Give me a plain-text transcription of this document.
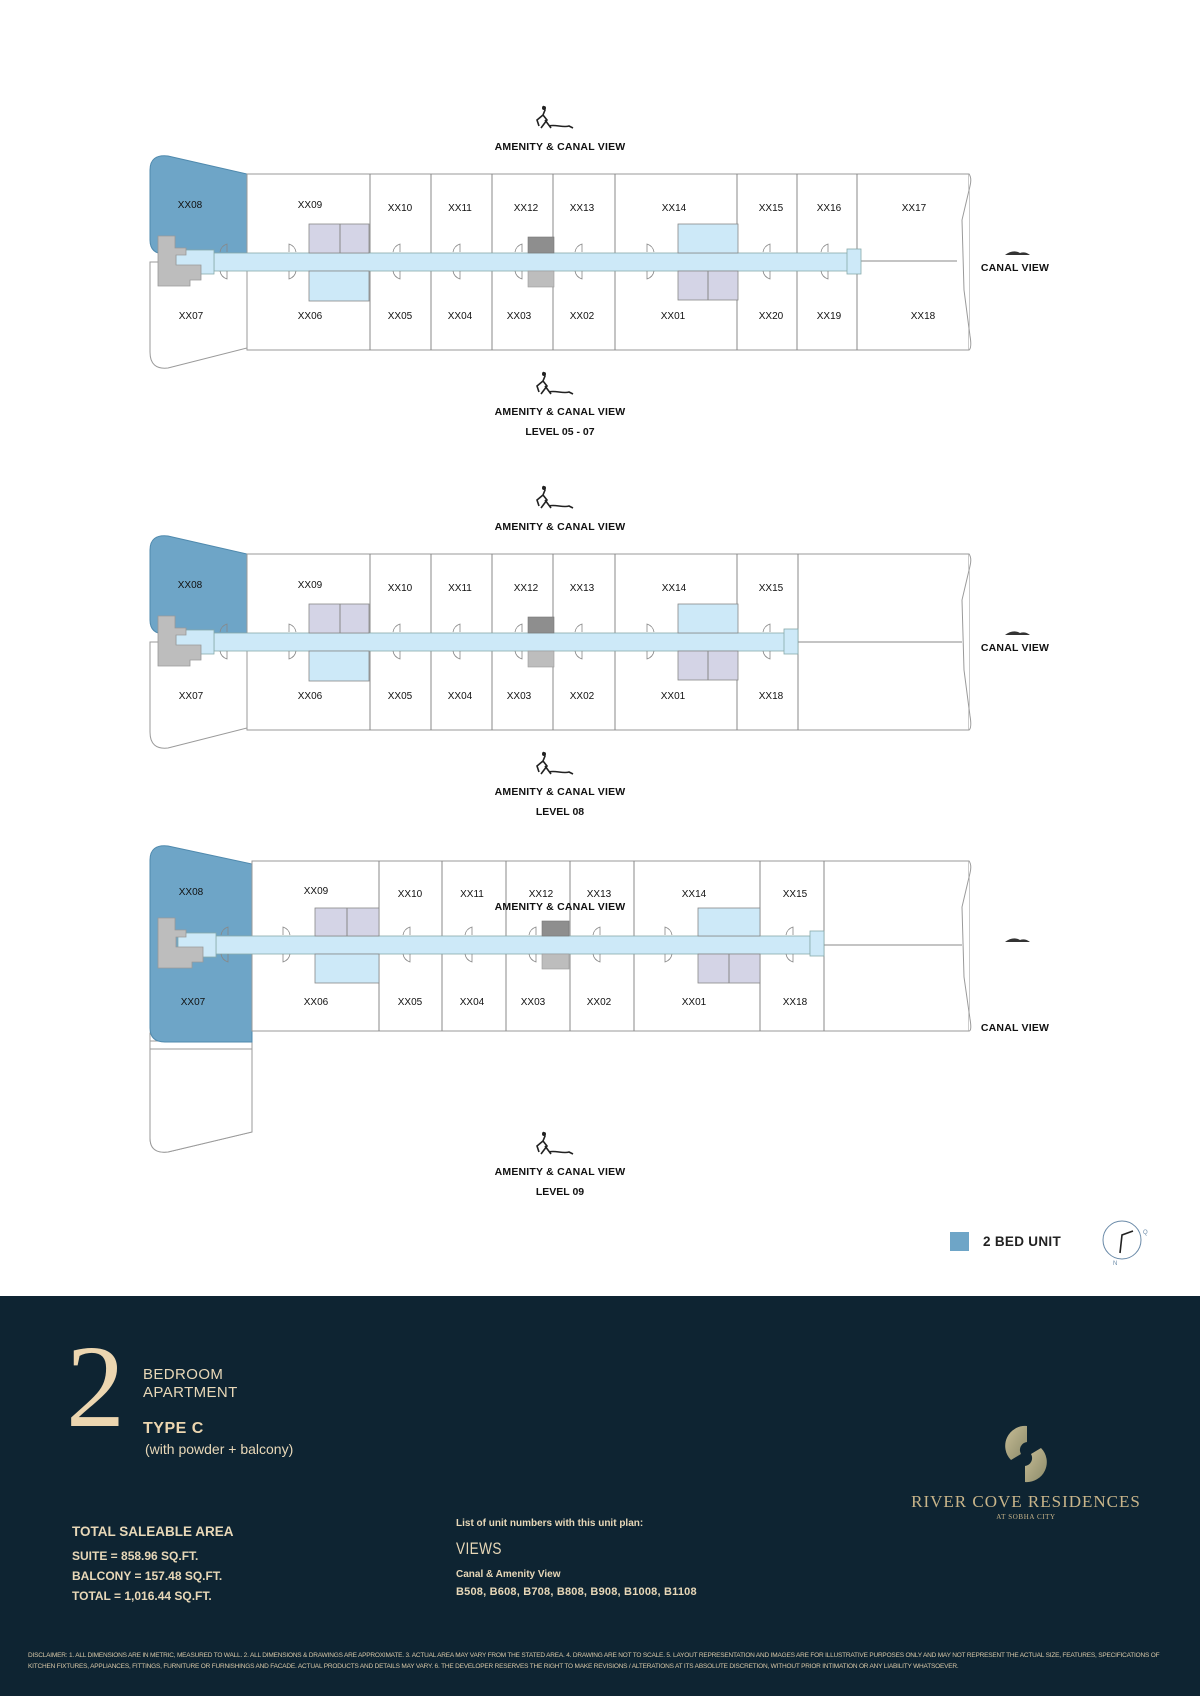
XX08	XX09	XX10	XX11	XX12	XX13	XX14	XX15	XX16	XX17
XX07	XX06	XX05	XX04	XX03	XX02	XX01	XX20	XX19	XX18
AMENITY & CANAL VIEW
CANAL VIEW
AMENITY & CANAL VIEW
LEVEL 05 - 07
XX08	XX09	XX10	XX11	XX12	XX13	XX14	XX15
XX07	XX06	XX05	XX04	XX03	XX02	XX01	XX18
AMENITY & CANAL VIEW
CANAL VIEW
AMENITY & CANAL VIEW
LEVEL 08
XX08	XX09	XX10	XX11	XX12	XX13	XX14	XX15
XX07	XX06	XX05	XX04	XX03	XX02	XX01	XX18
AMENITY & CANAL VIEW
CANAL VIEW
AMENITY & CANAL VIEW
LEVEL 09
2 BED UNIT
N
Q
2 BEDROOM
APARTMENT
TYPE C
(with powder + balcony)
TOTAL SALEABLE AREA
SUITE = 858.96 SQ.FT.
BALCONY = 157.48 SQ.FT.
TOTAL = 1,016.44 SQ.FT.
List of unit numbers with this unit plan:
VIEWS
Canal & Amenity View
B508, B608, B708, B808, B908, B1008, B1108
RIVER COVE RESIDENCES
AT SOBHA CITY
DISCLAIMER: 1. ALL DIMENSIONS ARE IN METRIC, MEASURED TO WALL. 2. ALL DIMENSIONS & DRAWINGS ARE APPROXIMATE. 3. ACTUAL AREA MAY VARY FROM THE STATED AREA. 4. DRAWING ARE NOT TO SCALE. 5. LAYOUT REPRESENTATION AND IMAGES ARE FOR ILLUSTRATIVE PURPOSES ONLY AND MAY NOT REPRESENT THE ACTUAL SIZE, FEATURES, SPECIFICATIONS OF KITCHEN FIXTURES, APPLIANCES, FITTINGS, FURNITURE OR FURNISHINGS AND FACADE. ACTUAL PRODUCTS AND DETAILS MAY VARY. 6. THE DEVELOPER RESERVES THE RIGHT TO MAKE REVISIONS / ALTERATIONS AT ITS ABSOLUTE DISCRETION, WITHOUT PRIOR INTIMATION OR ANY LIABILITY WHATSOEVER.
